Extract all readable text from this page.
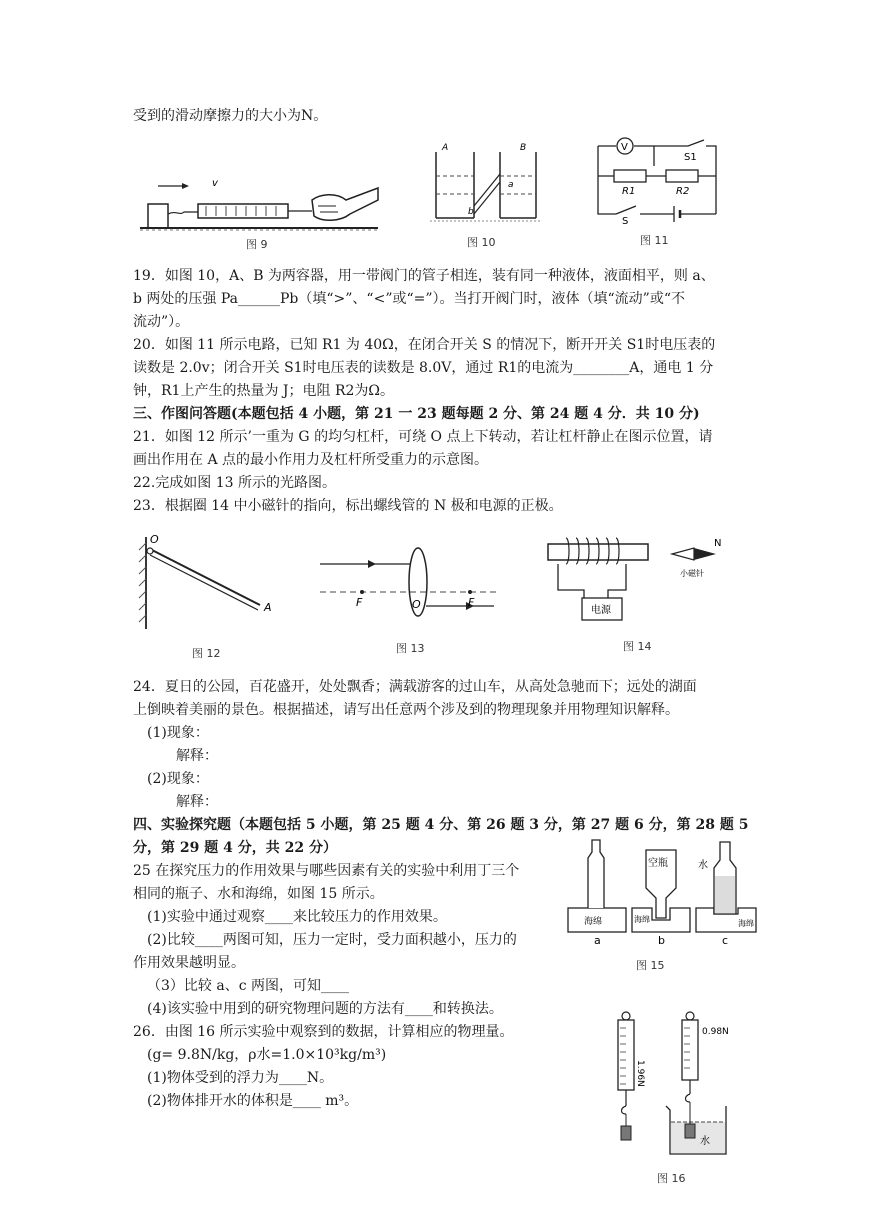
受到的滑动摩擦力的大小为N。
19．如图 10，A、B 为两容器，用一带阀门的管子相连，装有同一种液体，液面相平，则 a、
b 两处的压强 Pa______Pb（填“>”、“<”或“=”）。当打开阀门时，液体（填“流动”或“不
流动”）。
20．如图 11 所示电路，已知 R1 为 40Ω，在闭合开关 S 的情况下，断开开关 S1时电压表的
读数是 2.0v；闭合开关 S1时电压表的读数是 8.0V，通过 R1的电流为________A，通电 1 分
钟，R1上产生的热量为 J；电阻 R2为Ω。
三、作图问答题(本题包括 4 小题，第 21 一 23 题每题 2 分、第 24 题 4 分．共 10 分)
21．如图 12 所示’一重为 G 的均匀杠杆，可绕 O 点上下转动，若让杠杆静止在图示位置，请
画出作用在 A 点的最小作用力及杠杆所受重力的示意图。
22.完成如图 13 所示的光路图。
23．根据圈 14 中小磁针的指向，标出螺线管的 N 极和电源的正极。
24．夏日的公园，百花盛开，处处飘香；满载游客的过山车，从高处急驰而下；远处的湖面
上倒映着美丽的景色。根据描述，请写出任意两个涉及到的物理现象并用物理知识解释。
(1)现象：
解释：
(2)现象：
解释：
四、实验探究题（本题包括 5 小题，第 25 题 4 分、第 26 题 3 分，第 27 题 6 分，第 28 题 5
分，第 29 题 4 分，共 22 分）
25 在探究压力的作用效果与哪些因素有关的实验中利用丁三个
相同的瓶子、水和海绵，如图 15 所示。
(1)实验中通过观察____来比较压力的作用效果。
(2)比较____两图可知，压力一定时，受力面积越小，压力的
作用效果越明显。
（3）比较 a、c 两图，可知____
(4)该实验中用到的研究物理问题的方法有____和转换法。
26．由图 16 所示实验中观察到的数据，计算相应的物理量。
(g= 9.8N/kg，ρ水=1.0×10³kg/m³)
(1)物体受到的浮力为____N。
(2)物体排开水的体积是____ m³。
v
图 9
A	B
a
b
图 10
V
S1
R1	R2
S
图 11
O
A
图 12
F	O	F
图 13
电源
N
小磁针
图 14
海绵
空瓶
海绵
水
海绵
a	b	c
图 15
1.96N
0.98N
水
图 16
